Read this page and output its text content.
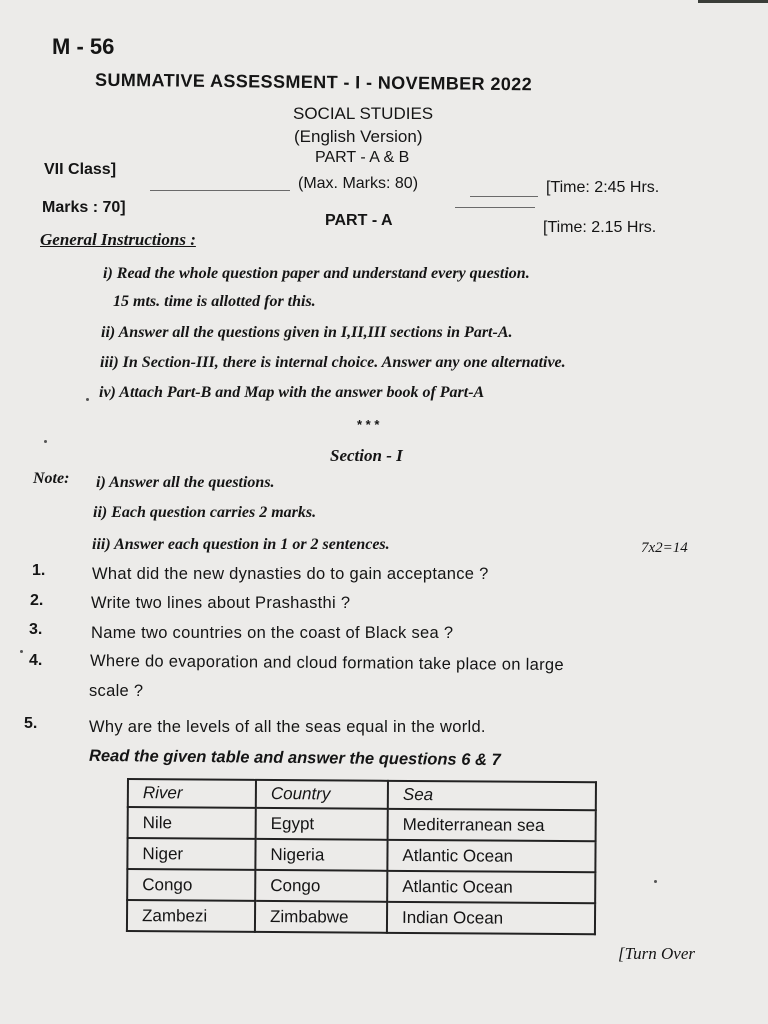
M - 56
SUMMATIVE ASSESSMENT - I - NOVEMBER 2022
SOCIAL STUDIES
(English Version)
PART - A & B
VII Class]
(Max. Marks: 80)	[Time: 2:45 Hrs.
Marks : 70]
PART - A	[Time: 2.15 Hrs.
General Instructions :
i) Read the whole question paper and understand every question.
15 mts. time is allotted for this.
ii) Answer all the questions given in I,II,III sections in Part-A.
iii) In Section-III, there is internal choice. Answer any one alternative.
iv) Attach Part-B and Map with the answer book of Part-A
* * *
Section - I
Note: i) Answer all the questions.
ii) Each question carries 2 marks.
iii) Answer each question in 1 or 2 sentences.	7x2=14
1.	What did the new dynasties do to gain acceptance ?
2.	Write two lines about Prashasthi ?
3.	Name two countries on the coast of Black sea ?
4.	Where do evaporation and cloud formation take place on large
scale ?
5.	Why are the levels of all the seas equal in the world.
Read the given table and answer the questions 6 & 7
River	Country	Sea
Nile	Egypt	Mediterranean sea
Niger	Nigeria	Atlantic Ocean
Congo	Congo	Atlantic Ocean
Zambezi	Zimbabwe	Indian Ocean
[Turn Over
